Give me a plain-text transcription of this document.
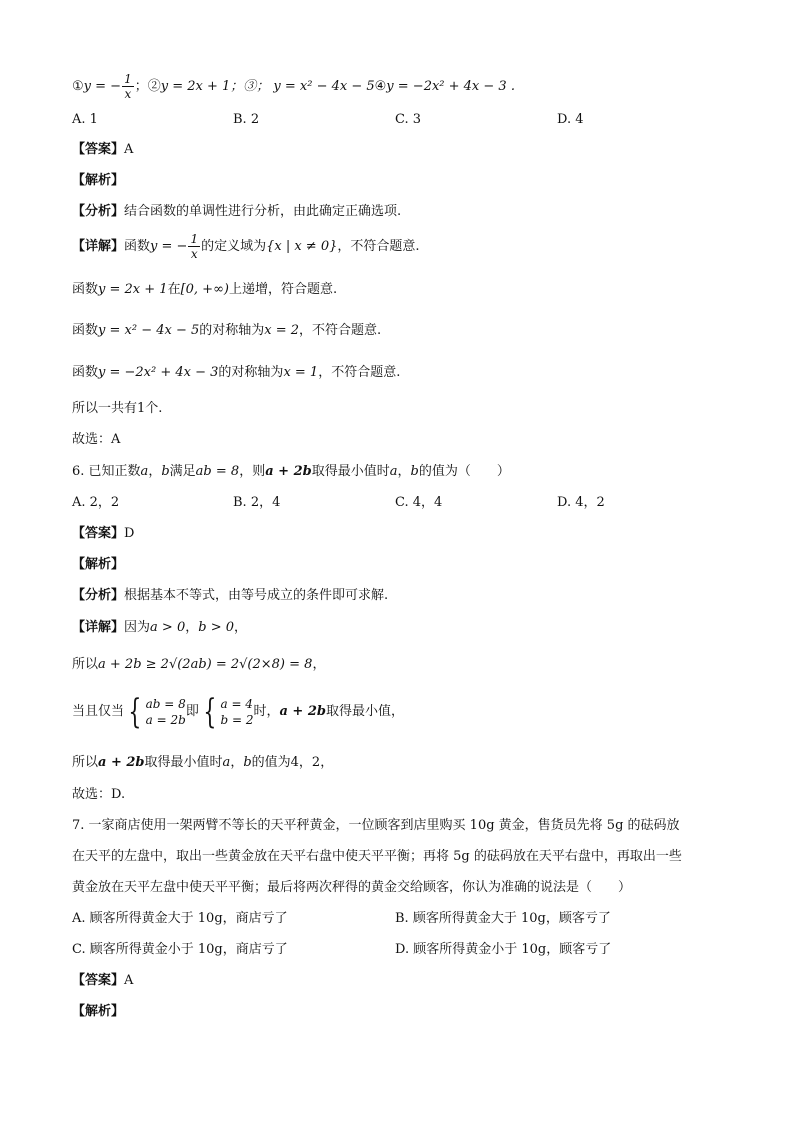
①y = − $\frac{1}{x}$ ；②y = 2x + 1；③； y = x² − 4x − 5④y = −2x² + 4x − 3 .
A. 1	B. 2	C. 3	D. 4
【答案】A
【解析】
【分析】结合函数的单调性进行分析，由此确定正确选项.
【详解】函数y = − $\frac{1}{x}$ 的定义域为{x | x ≠ 0}，不符合题意.
函数y = 2x + 1在[0, +∞)上递增，符合题意.
函数y = x² − 4x − 5的对称轴为x = 2，不符合题意.
函数y = −2x² + 4x − 3的对称轴为x = 1，不符合题意.
所以一共有1个.
故选：A
6. 已知正数a，b满足ab = 8，则a + 2b取得最小值时a，b的值为（　　）
A. 2，2	B. 2，4	C. 4，4	D. 4，2
【答案】D
【解析】
【分析】根据基本不等式，由等号成立的条件即可求解.
【详解】因为a > 0，b > 0，
所以a + 2b ≥ 2√(2ab) = 2√(2×8) = 8，
当且仅当 { ab = 8
a = 2b
即 { a = 4
b = 2
时，a + 2b取得最小值，
所以a + 2b取得最小值时a，b的值为4，2，
故选：D.
7. 一家商店使用一架两臂不等长的天平秤黄金，一位顾客到店里购买 10g 黄金，售货员先将 5g 的砝码放
在天平的左盘中，取出一些黄金放在天平右盘中使天平平衡；再将 5g 的砝码放在天平右盘中，再取出一些
黄金放在天平左盘中使天平平衡；最后将两次秤得的黄金交给顾客，你认为准确的说法是（　　）
A. 顾客所得黄金大于 10g，商店亏了	B. 顾客所得黄金大于 10g，顾客亏了
C. 顾客所得黄金小于 10g，商店亏了	D. 顾客所得黄金小于 10g，顾客亏了
【答案】A
【解析】
